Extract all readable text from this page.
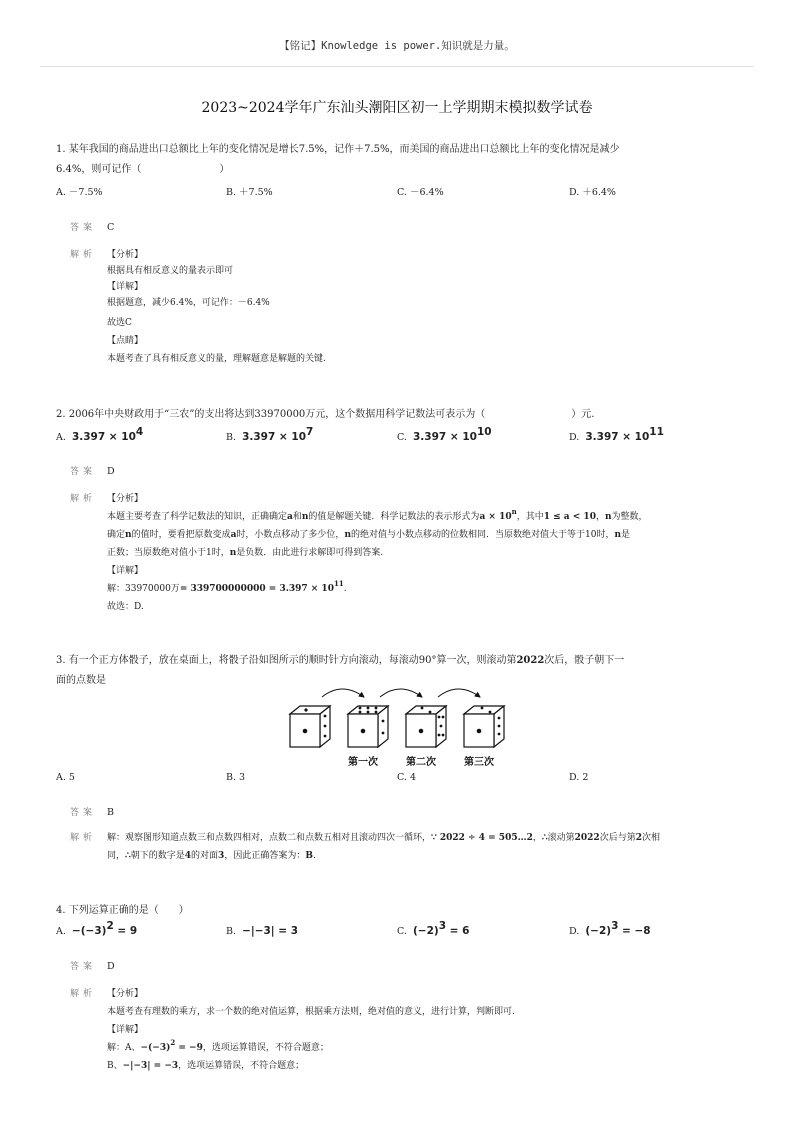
【铭记】Knowledge is power.知识就是力量。
2023~2024学年广东汕头潮阳区初一上学期期末模拟数学试卷
1. 某年我国的商品进出口总额比上年的变化情况是增长7.5%，记作＋7.5%，而美国的商品进出口总额比上年的变化情况是减少
6.4%，则可记作（	）
A. －7.5%	B. ＋7.5%	C. －6.4%	D. ＋6.4%
答案 C
解析 【分析】
根据具有相反意义的量表示即可
【详解】
根据题意，减少6.4%，可记作：－6.4%
故选C
【点睛】
本题考查了具有相反意义的量，理解题意是解题的关键.
2. 2006年中央财政用于“三农”的支出将达到33970000万元，这个数据用科学记数法可表示为（	）元.
A. $3.397 \times 10^4$	B. $3.397 \times 10^7$	C. $3.397 \times 10^{10}$	D. $3.397 \times 10^{11}$
答案 D
解析 【分析】
本题主要考查了科学记数法的知识，正确确定a和n的值是解题关键．科学记数法的表示形式为$a \times 10^n$，其中1 ≤ a < 10，n为整数，
确定n的值时，要看把原数变成a时，小数点移动了多少位，n的绝对值与小数点移动的位数相同．当原数绝对值大于等于10时，n是
正数；当原数绝对值小于1时，n是负数．由此进行求解即可得到答案.
【详解】
解：33970000万= $339700000000 = 3.397 \times 10^{11}$.
故选：D.
3. 有一个正方体骰子，放在桌面上，将骰子沿如图所示的顺时针方向滚动，每滚动90°算一次，则滚动第2022次后，骰子朝下一
面的点数是
第一次	第二次	第三次
A. 5	B. 3	C. 4	D. 2
答案 B
解析 解：观察图形知道点数三和点数四相对，点数二和点数五相对且滚动四次一循环，∵ 2022 ÷ 4 = 505…2，∴滚动第2022次后与第2次相
同，∴朝下的数字是4的对面3，因此正确答案为：B.
4. 下列运算正确的是（　　）
A. $-(-3)^2 = 9$	B. −|−3| = 3	C. $(-2)^3 = 6$	D. $(-2)^3 = -8$
答案 D
解析 【分析】
本题考查有理数的乘方，求一个数的绝对值运算，根据乘方法则，绝对值的意义，进行计算，判断即可.
【详解】
解：A、$-(-3)^2 = -9$，选项运算错误，不符合题意；
B、−|−3| = −3，选项运算错误，不符合题意；
